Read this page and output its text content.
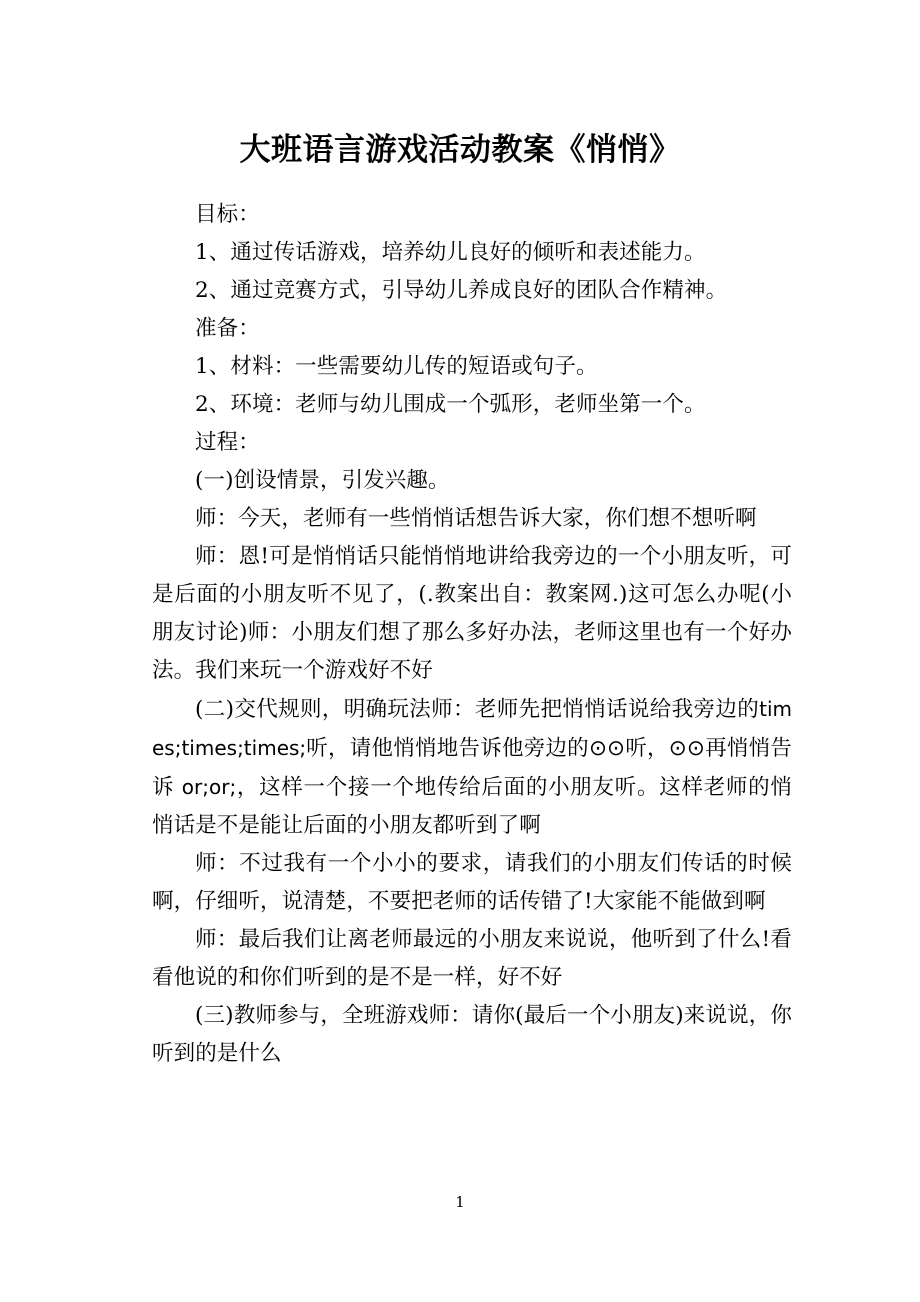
大班语言游戏活动教案《悄悄》

目标：

1、通过传话游戏，培养幼儿良好的倾听和表述能力。

2、通过竞赛方式，引导幼儿养成良好的团队合作精神。

准备：

1、材料：一些需要幼儿传的短语或句子。

2、环境：老师与幼儿围成一个弧形，老师坐第一个。

过程：

(一)创设情景，引发兴趣。

师：今天，老师有一些悄悄话想告诉大家，你们想不想听啊

师：恩!可是悄悄话只能悄悄地讲给我旁边的一个小朋友听，可是后面的小朋友听不见了，(.教案出自：教案网.)这可怎么办呢(小朋友讨论)师：小朋友们想了那么多好办法，老师这里也有一个好办法。我们来玩一个游戏好不好

(二)交代规则，明确玩法师：老师先把悄悄话说给我旁边的times;times;times;听，请他悄悄地告诉他旁边的⊙⊙听，⊙⊙再悄悄告诉 or;or;，这样一个接一个地传给后面的小朋友听。这样老师的悄悄话是不是能让后面的小朋友都听到了啊

师：不过我有一个小小的要求，请我们的小朋友们传话的时候啊，仔细听，说清楚，不要把老师的话传错了!大家能不能做到啊

师：最后我们让离老师最远的小朋友来说说，他听到了什么!看看他说的和你们听到的是不是一样，好不好

(三)教师参与，全班游戏师：请你(最后一个小朋友)来说说，你听到的是什么

1
